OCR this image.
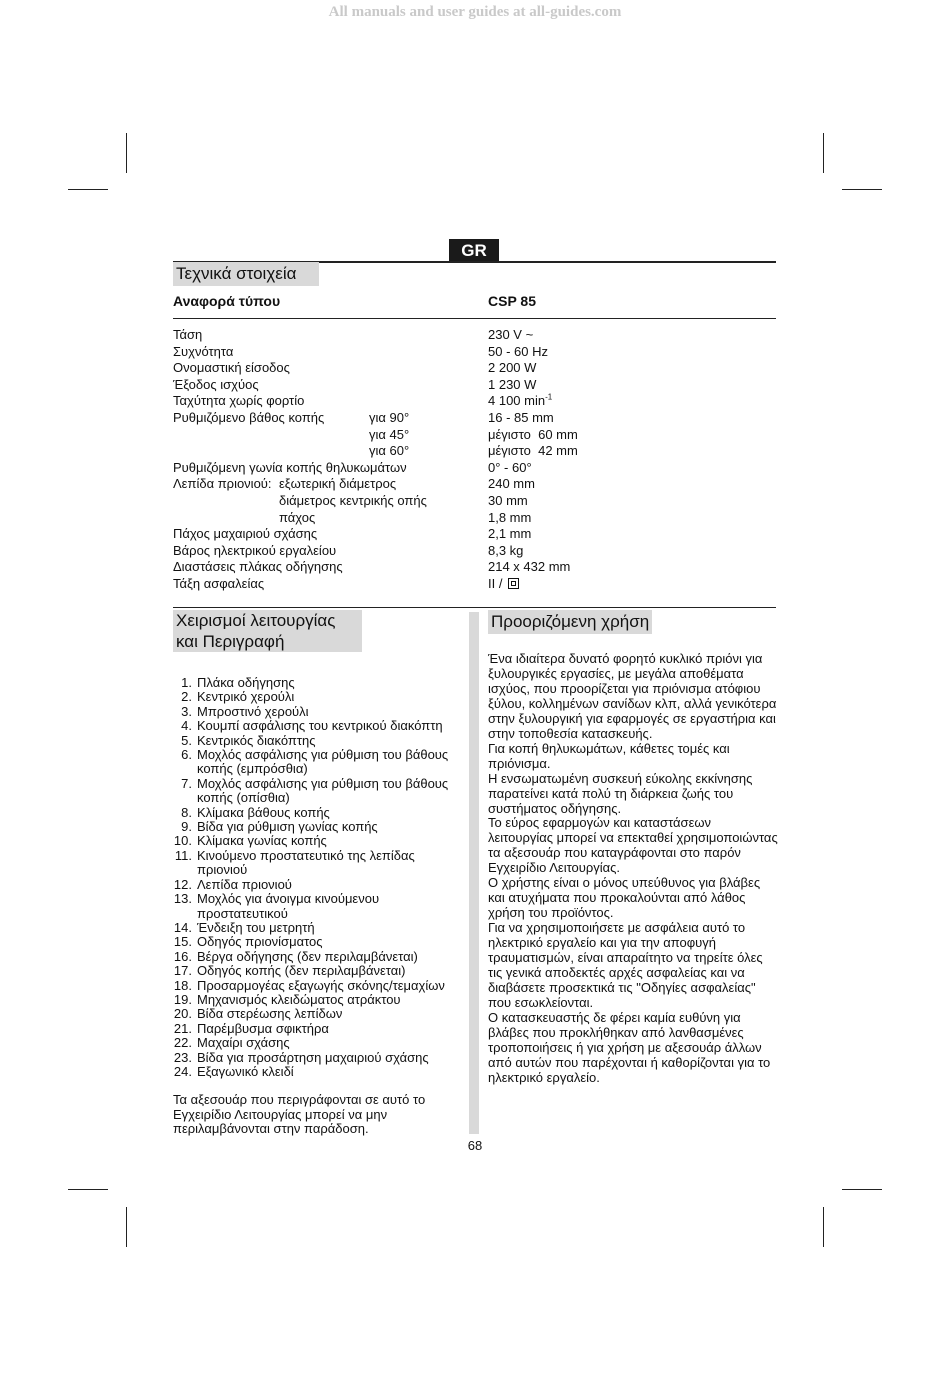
All manuals and user guides at all-guides.com
GR
Τεχνικά στοιχεία
Αναφορά τύπου	CSP 85
Τάση	230 V ~
Συχνότητα	50 - 60 Hz
Ονομαστική είσοδος	2 200 W
Έξοδος ισχύος	1 230 W
Ταχύτητα χωρίς φορτίο	4 100 $\min^{-1}$
Ρυθμιζόμενο βάθος κοπής	για 90°	16 - 85 mm
για 45°	μέγιστο  60 mm
για 60°	μέγιστο  42 mm
Ρυθμιζόμενη γωνία κοπής θηλυκωμάτων	0° - 60°
Λεπίδα πριονιού: εξωτερική διάμετρος	240 mm
διάμετρος κεντρικής οπής	30 mm
πάχος	1,8 mm
Πάχος μαχαιριού σχάσης	2,1 mm
Βάρος ηλεκτρικού εργαλείου	8,3 kg
Διαστάσεις πλάκας οδήγησης	214 x 432 mm
Τάξη ασφαλείας	II /
Χειρισμοί λειτουργίας
και Περιγραφή
1. Πλάκα οδήγησης
2. Κεντρικό χερούλι
3. Μπροστινό χερούλι
4. Κουμπί ασφάλισης του κεντρικού διακόπτη
5. Κεντρικός διακόπτης
6. Μοχλός ασφάλισης για ρύθμιση του βάθους κοπής (εμπρόσθια)
7. Μοχλός ασφάλισης για ρύθμιση του βάθους κοπής (οπίσθια)
8. Κλίμακα βάθους κοπής
9. Βίδα για ρύθμιση γωνίας κοπής
10. Κλίμακα γωνίας κοπής
11. Κινούμενο προστατευτικό της λεπίδας πριονιού
12. Λεπίδα πριονιού
13. Μοχλός για άνοιγμα κινούμενου προστατευτικού
14. Ένδειξη του μετρητή
15. Οδηγός πριονίσματος
16. Βέργα οδήγησης (δεν περιλαμβάνεται)
17. Οδηγός κοπής (δεν περιλαμβάνεται)
18. Προσαρμογέας εξαγωγής σκόνης/τεμαχίων
19. Μηχανισμός κλειδώματος ατράκτου
20. Βίδα στερέωσης λεπίδων
21. Παρέμβυσμα σφικτήρα
22. Μαχαίρι σχάσης
23. Βίδα για προσάρτηση μαχαιριού σχάσης
24. Εξαγωνικό κλειδί
Τα αξεσουάρ που περιγράφονται σε αυτό το Εγχειρίδιο Λειτουργίας μπορεί να μην περιλαμβάνονται στην παράδοση.
Προοριζόμενη χρήση

Ένα ιδιαίτερα δυνατό φορητό κυκλικό πριόνι για ξυλουργικές εργασίες, με μεγάλα αποθέματα ισχύος, που προορίζεται για πριόνισμα ατόφιου ξύλου, κολλημένων σανίδων κλπ, αλλά γενικότερα στην ξυλουργική για εφαρμογές σε εργαστήρια και στην τοποθεσία κατασκευής.

Για κοπή θηλυκωμάτων, κάθετες τομές και πριόνισμα.

Η ενσωματωμένη συσκευή εύκολης εκκίνησης παρατείνει κατά πολύ τη διάρκεια ζωής του συστήματος οδήγησης.

Το εύρος εφαρμογών και καταστάσεων λειτουργίας μπορεί να επεκταθεί χρησιμοποιώντας τα αξεσουάρ που καταγράφονται στο παρόν Εγχειρίδιο Λειτουργίας.

Ο χρήστης είναι ο μόνος υπεύθυνος για βλάβες και ατυχήματα που προκαλούνται από λάθος χρήση του προϊόντος.

Για να χρησιμοποιήσετε με ασφάλεια αυτό το ηλεκτρικό εργαλείο και για την αποφυγή τραυματισμών, είναι απαραίτητο να τηρείτε όλες τις γενικά αποδεκτές αρχές ασφαλείας και να διαβάσετε προσεκτικά τις "Οδηγίες ασφαλείας" που εσωκλείονται.

Ο κατασκευαστής δε φέρει καμία ευθύνη για βλάβες που προκλήθηκαν από λανθασμένες τροποποιήσεις ή για χρήση με αξεσουάρ άλλων από αυτών που παρέχονται ή καθορίζονται για το ηλεκτρικό εργαλείο.

68
